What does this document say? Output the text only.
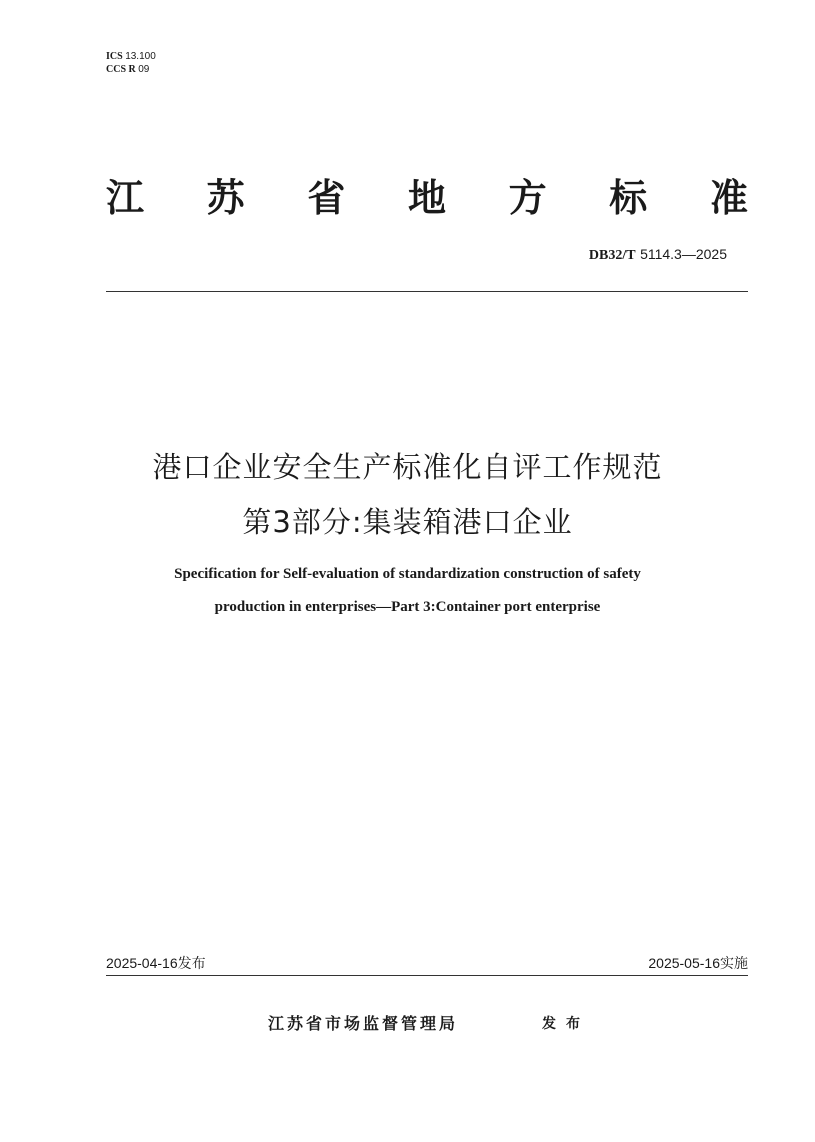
ICS 13.100
CCS R 09
江 苏 省 地 方 标 准
DB32/T 5114.3—2025
港口企业安全生产标准化自评工作规范
第3部分:集装箱港口企业
Specification for Self-evaluation of standardization construction of safety
production in enterprises—Part 3:Container port enterprise
2025-04-16发布	2025-05-16实施
江苏省市场监督管理局	发布
